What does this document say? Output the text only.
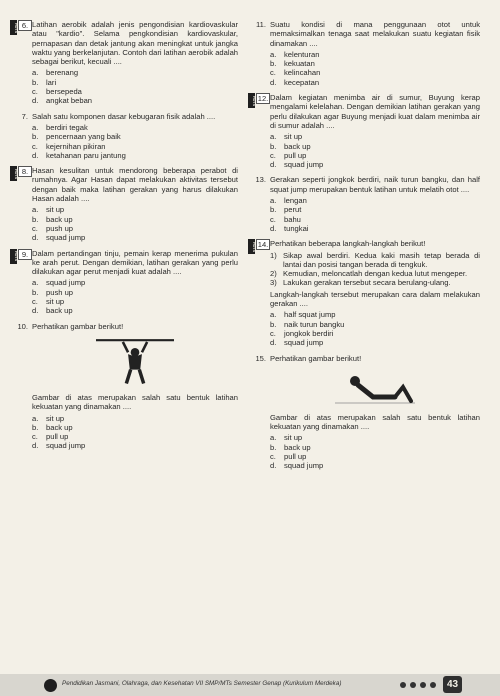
HOTS 6. Latihan aerobik adalah jenis pengondisian kardiovaskular atau "kardio". Selama pengkondisian kardiovaskular, pernapasan dan detak jantung akan meningkat untuk jangka waktu yang berkelanjutan. Contoh dari latihan aerobik adalah sebagai berikut, kecuali ....
a. berenang
b. lari
c. bersepeda
d. angkat beban
7. Salah satu komponen dasar kebugaran fisik adalah ....
a. berdiri tegak
b. pencernaan yang baik
c. kejernihan pikiran
d. ketahanan paru jantung
HOTS 8. Hasan kesulitan untuk mendorong beberapa perabot di rumahnya. Agar Hasan dapat melakukan aktivitas tersebut dengan baik maka latihan gerakan yang harus dilakukan Hasan adalah ....
a. sit up
b. back up
c. push up
d. squad jump
HOTS 9. Dalam pertandingan tinju, pemain kerap menerima pukulan ke arah perut. Dengan demikian, latihan gerakan yang perlu dilakukan agar perut menjadi kuat adalah ....
a. squad jump
b. push up
c. sit up
d. back up
10. Perhatikan gambar berikut!
Gambar di atas merupakan salah satu bentuk latihan kekuatan yang dinamakan ....
a. sit up
b. back up
c. pull up
d. squad jump
11. Suatu kondisi di mana penggunaan otot untuk memaksimalkan tenaga saat melakukan suatu kegiatan fisik dinamakan ....
a. kelenturan
b. kekuatan
c. kelincahan
d. kecepatan
HOTS 12. Dalam kegiatan menimba air di sumur, Buyung kerap mengalami kelelahan. Dengan demikian latihan gerakan yang perlu dilakukan agar Buyung menjadi kuat dalam menimba air di sumur adalah ....
a. sit up
b. back up
c. pull up
d. squad jump
13. Gerakan seperti jongkok berdiri, naik turun bangku, dan half squat jump merupakan bentuk latihan untuk melatih otot ....
a. lengan
b. perut
c. bahu
d. tungkai
HOTS 14. Perhatikan beberapa langkah-langkah berikut!
1) Sikap awal berdiri. Kedua kaki masih tetap berada di lantai dan posisi tangan berada di tengkuk.
2) Kemudian, meloncatlah dengan kedua lutut mengeper.
3) Lakukan gerakan tersebut secara berulang-ulang.
Langkah-langkah tersebut merupakan cara dalam melakukan gerakan ....
a. half squat jump
b. naik turun bangku
c. jongkok berdiri
d. squad jump
15. Perhatikan gambar berikut!
Gambar di atas merupakan salah satu bentuk latihan kekuatan yang dinamakan ....
a. sit up
b. back up
c. pull up
d. squad jump
Pendidikan Jasmani, Olahraga, dan Kesehatan VII SMP/MTs Semester Genap (Kurikulum Merdeka)	43
